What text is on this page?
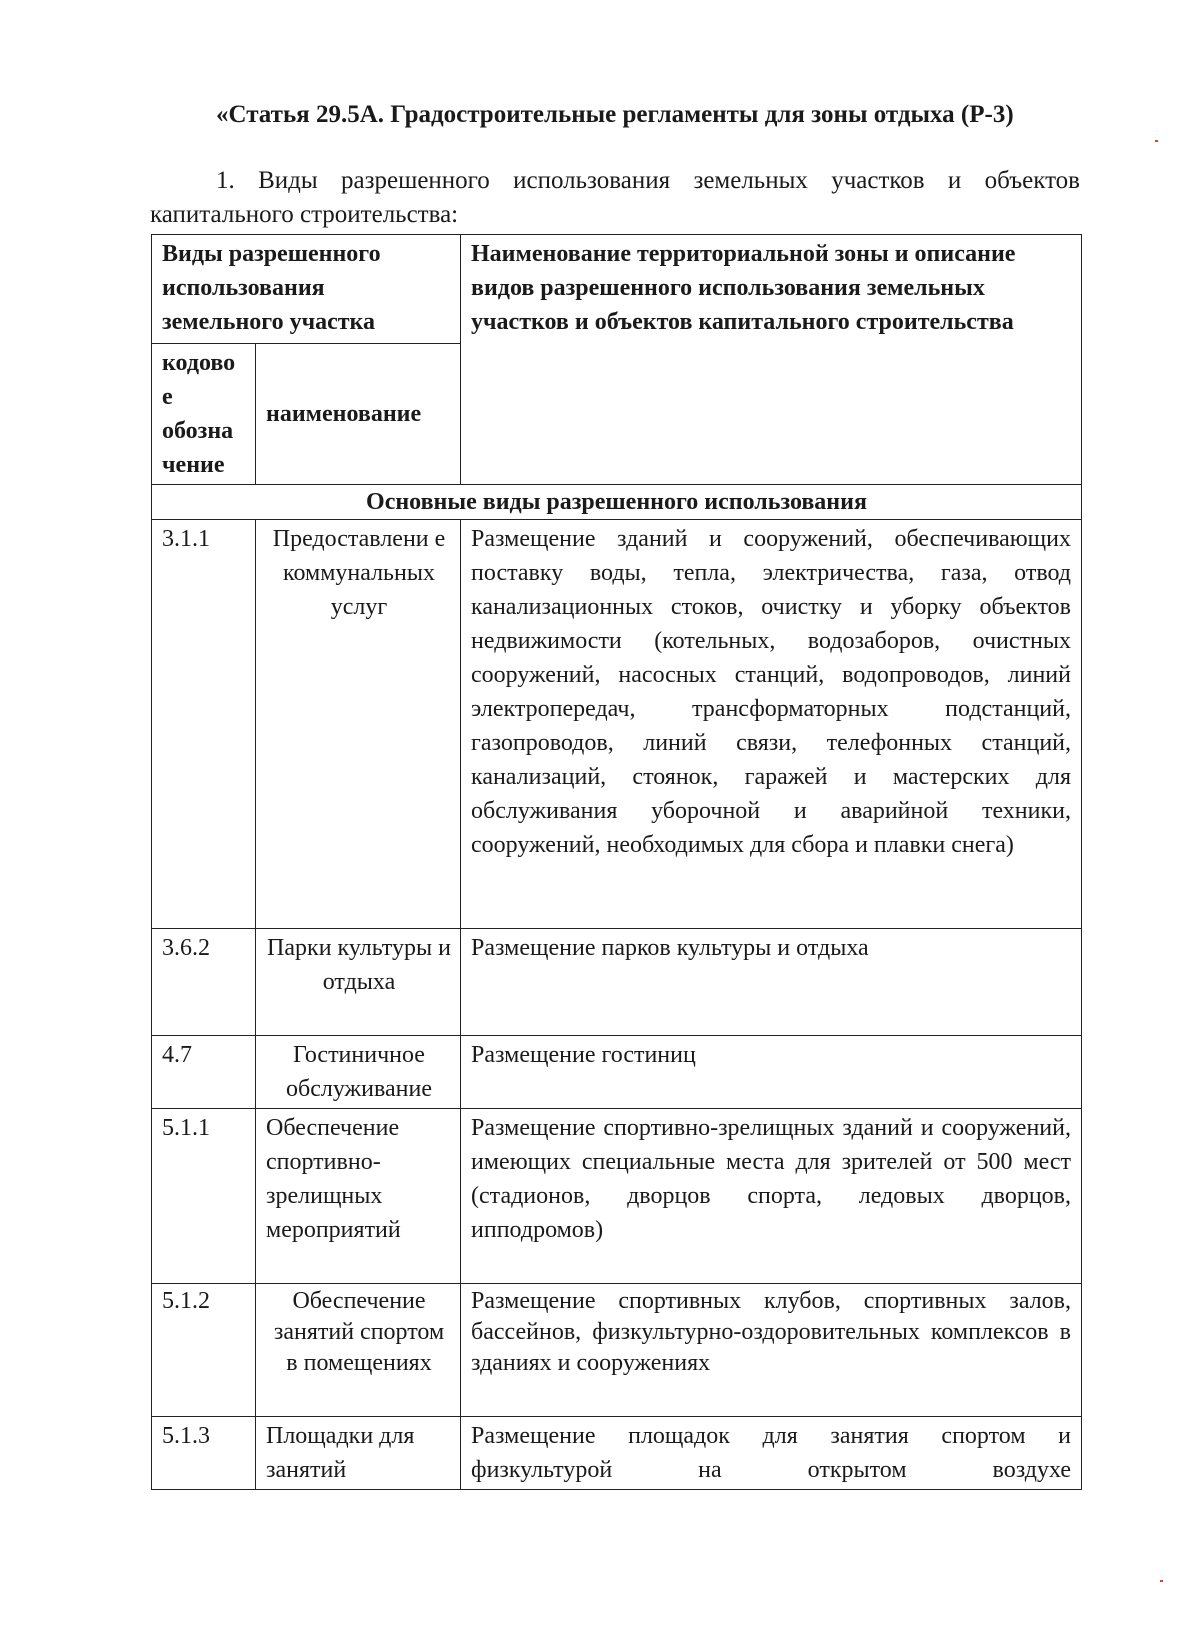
«Статья 29.5А. Градостроительные регламенты для зоны отдыха (Р-3)
1. Виды разрешенного использования земельных участков и объектов капитального строительства:
Виды разрешенного использования земельного участка		Наименование территориальной зоны и описание видов разрешенного использования земельных участков и объектов капитального строительства
кодово е обозна чение	наименование	
Основные виды разрешенного использования		
3.1.1	Предоставлени е коммунальных услуг	Размещение зданий и сооружений, обеспечивающих поставку воды, тепла, электричества, газа, отвод канализационных стоков, очистку и уборку объектов недвижимости (котельных, водозаборов, очистных сооружений, насосных станций, водопроводов, линий электропередач, трансформаторных подстанций, газопроводов, линий связи, телефонных станций, канализаций, стоянок, гаражей и мастерских для обслуживания уборочной и аварийной техники, сооружений, необходимых для сбора и плавки снега)
3.6.2	Парки культуры и отдыха	Размещение парков культуры и отдыха
4.7	Гостиничное обслуживание	Размещение гостиниц
5.1.1	Обеспечение спортивно-зрелищных мероприятий	Размещение спортивно-зрелищных зданий и сооружений, имеющих специальные места для зрителей от 500 мест (стадионов, дворцов спорта, ледовых дворцов, ипподромов)
5.1.2	Обеспечение занятий спортом в помещениях	Размещение спортивных клубов, спортивных залов, бассейнов, физкультурно-оздоровительных комплексов в зданиях и сооружениях
5.1.3	Площадки для занятий	Размещение площадок для занятия спортом и физкультурой на открытом воздухе
